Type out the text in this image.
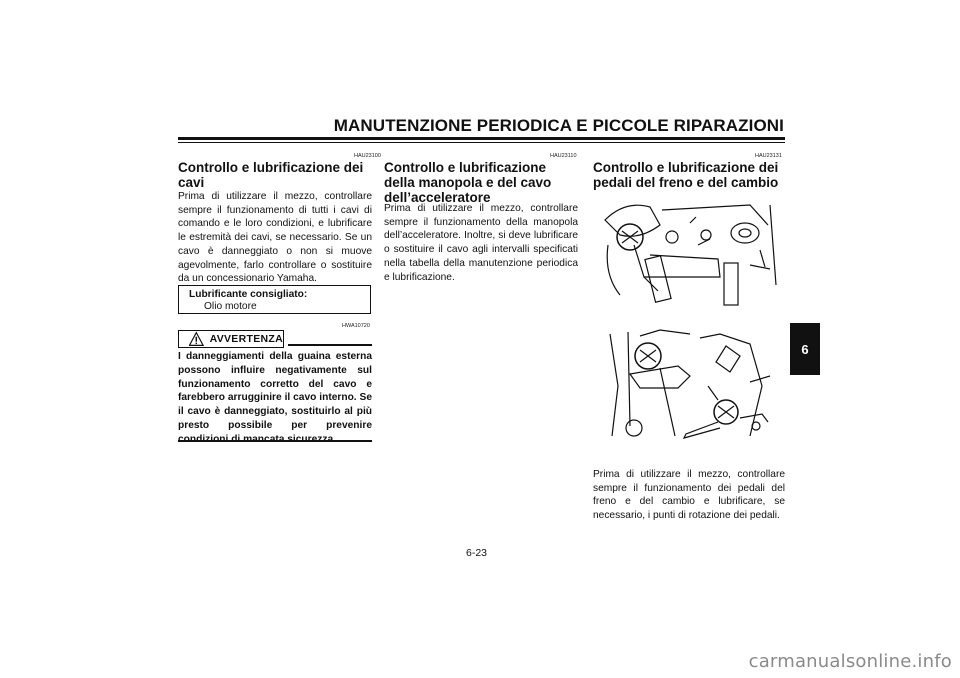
MANUTENZIONE PERIODICA E PICCOLE RIPARAZIONI
HAU23100
Controllo e lubrificazione dei cavi

Prima di utilizzare il mezzo, controllare sempre il funzionamento di tutti i cavi di comando e le loro condizioni, e lubrificare le estremità dei cavi, se necessario. Se un cavo è danneggiato o non si muove agevolmente, farlo controllare o sostituire da un concessionario Yamaha.

Lubrificante consigliato:
Olio motore
HWA10720
AVVERTENZA

I danneggiamenti della guaina esterna possono influire negativamente sul funzionamento corretto del cavo e farebbero arrugginire il cavo interno. Se il cavo è danneggiato, sostituirlo al più presto possibile per prevenire

HAU23110
Controllo e lubrificazione della manopola e del cavo dell’acceleratore

Prima di utilizzare il mezzo, controllare sempre il funzionamento della manopola dell’acceleratore. Inoltre, si deve lubrificare o sostituire il cavo agli intervalli specificati nella tabella della manutenzione periodica e lubrificazione.

HAU23131
Controllo e lubrificazione dei pedali del freno e del cambio

Prima di utilizzare il mezzo, controllare sempre il funzionamento dei pedali del freno e del cambio e lubrificare, se necessario, i punti di rotazione dei pedali.

6
6-23
carmanualsonline.info
